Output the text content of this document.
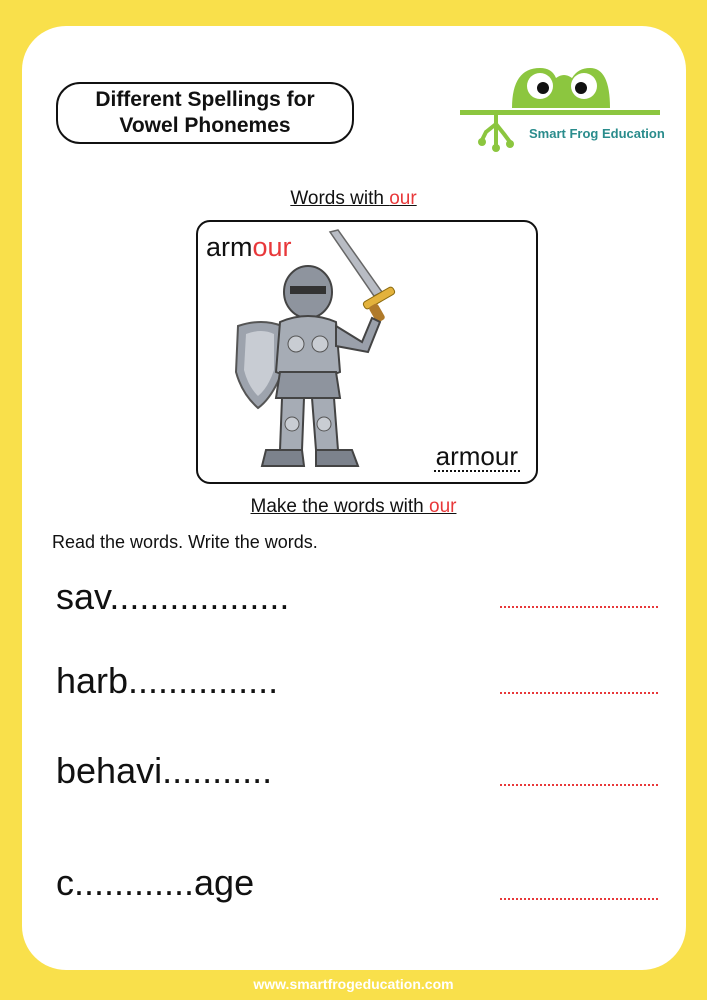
Different Spellings for
Vowel Phonemes	Smart Frog Education
Words with our
armour
armour
Make the words with our
Read the words. Write the words.
sav..................
harb...............
behavi...........
c............age
www.smartfrogeducation.com
